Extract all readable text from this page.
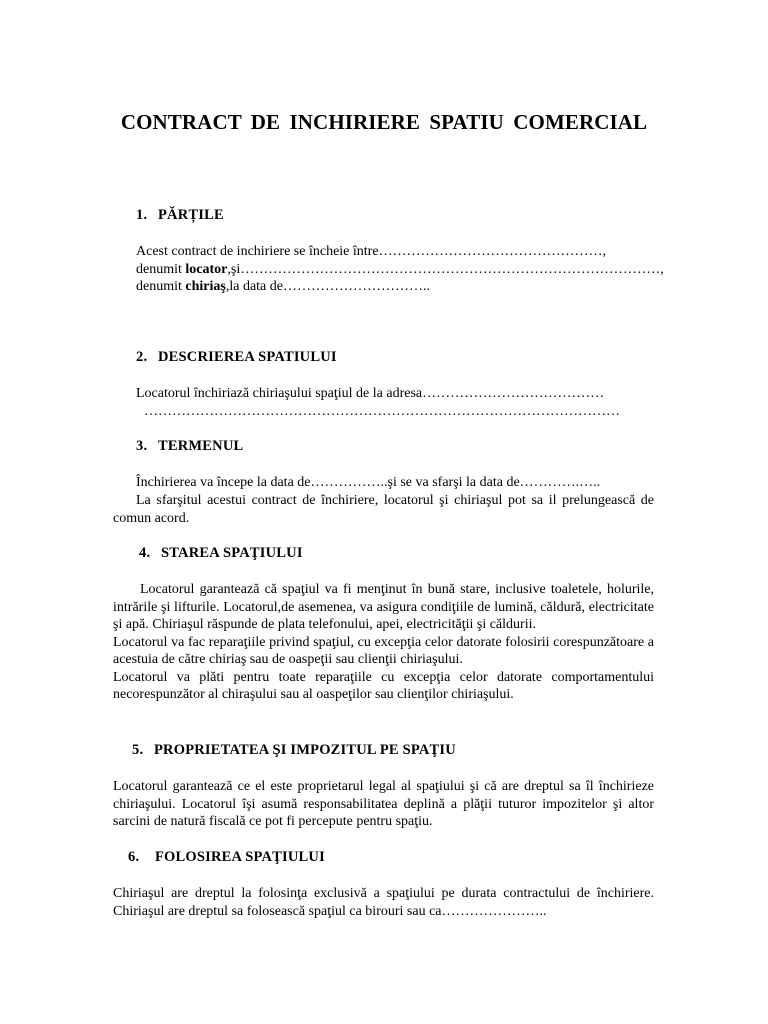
CONTRACT DE INCHIRIERE SPATIU COMERCIAL
1. PĂRȚILE
Acest contract de inchiriere se încheie între…………………………………………,
denumit locator,şi………………………………………………………………………………,
denumit chiriaş,la data de…………………………..
2. DESCRIEREA SPATIULUI
Locatorul închiriază chiriaşului spaţiul de la adresa…………………………………
…………………………………………………………………………………………
3. TERMENUL
Închirierea va începe la data de……………..şi se va sfarşi la data de………….…..
La sfarşitul acestui contract de închiriere, locatorul şi chiriaşul pot sa il prelungească de comun acord.
4. STAREA SPAŢIULUI

Locatorul garantează că spaţiul va fi menţinut în bună stare, inclusive toaletele, holurile, intrările şi lifturile. Locatorul,de asemenea, va asigura condiţiile de lumină, căldură, electricitate şi apă. Chiriaşul răspunde de plata telefonului, apei, electricităţii şi căldurii.

Locatorul va fac reparaţiile privind spaţiul, cu excepţia celor datorate folosirii corespunzătoare a acestuia de către chiriaş sau de oaspeţii sau clienţii chiriaşului.

Locatorul va plăti pentru toate reparaţiile cu excepţia celor datorate comportamentului necorespunzător al chiraşului sau al oaspeţilor sau clienţilor chiriaşului.

5. PROPRIETATEA ŞI IMPOZITUL PE SPAŢIU
Locatorul garantează ce el este proprietarul legal al spaţiului şi că are dreptul sa îl închirieze chiriaşului. Locatorul îşi asumă responsabilitatea deplină a plăţii tuturor impozitelor şi altor sarcini de natură fiscală ce pot fi percepute pentru spaţiu.
6. FOLOSIREA SPAŢIULUI
Chiriaşul are dreptul la folosinţa exclusivă a spaţiului pe durata contractului de închiriere. Chiriaşul are dreptul sa folosească spaţiul ca birouri sau ca…………………..
